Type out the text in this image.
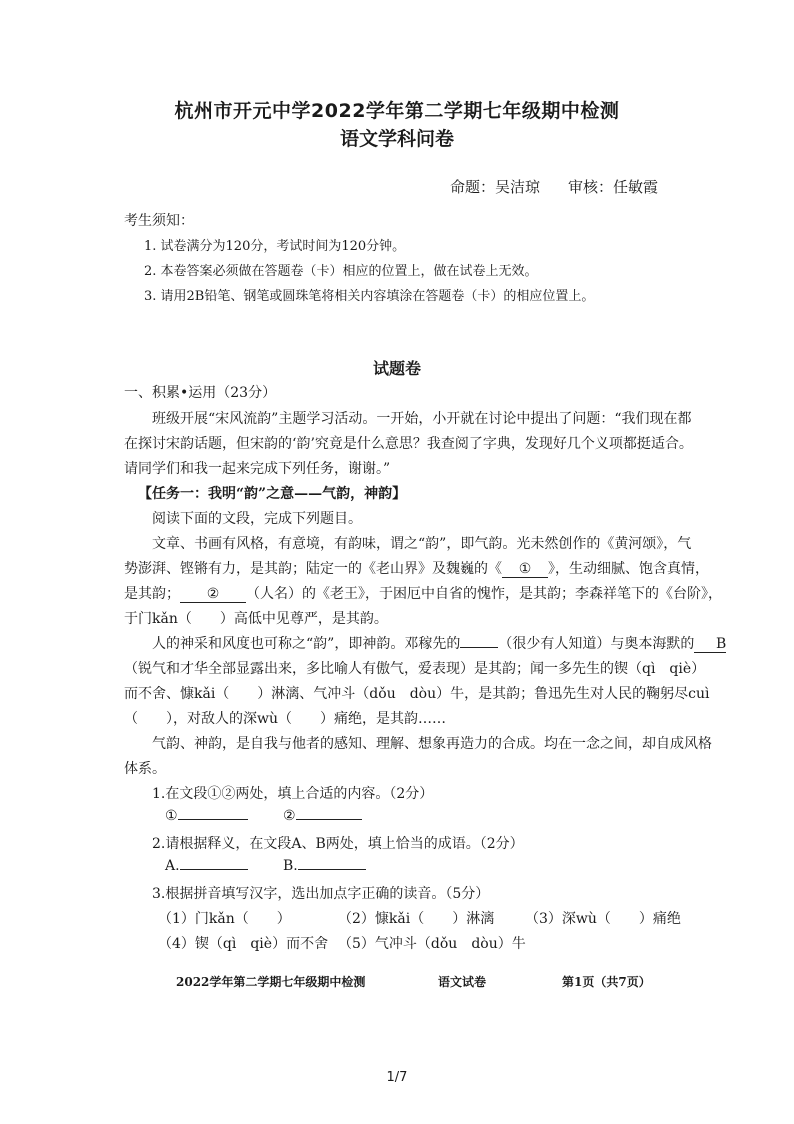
杭州市开元中学2022学年第二学期七年级期中检测
语文学科问卷
命题：吴洁琼 审核：任敏霞
考生须知：
1. 试卷满分为120分，考试时间为120分钟。
2. 本卷答案必须做在答题卷（卡）相应的位置上，做在试卷上无效。
3. 请用2B铅笔、钢笔或圆珠笔将相关内容填涂在答题卷（卡）的相应位置上。
试题卷
一、积累•运用（23分）
班级开展“宋风流韵”主题学习活动。一开始，小开就在讨论中提出了问题：“我们现在都
在探讨宋韵话题，但宋韵的‘韵’究竟是什么意思？我查阅了字典，发现好几个义项都挺适合。
请同学们和我一起来完成下列任务，谢谢。”
【任务一：我明“韵”之意——气韵，神韵】
阅读下面的文段，完成下列题目。
文章、书画有风格，有意境，有韵味，谓之“韵”，即气韵。光未然创作的《黄河颂》，气
势澎湃、铿锵有力，是其韵；陆定一的《老山界》及魏巍的《 ① 》，生动细腻、饱含真情，
是其韵； ② （人名）的《老王》，于困厄中自省的愧怍，是其韵；李森祥笔下的《台阶》，
于门kǎn（　　）高低中见尊严，是其韵。
人的神采和风度也可称之“韵”，即神韵。邓稼先的	（很少有人知道）与奥本海默的 B
（锐气和才华全部显露出来，多比喻人有傲气，爱表现）是其韵；闻一多先生的锲（qì　qiè）
而不舍、慷kǎi（　　）淋漓、气冲斗（dǒu　dòu）牛，是其韵；鲁迅先生对人民的鞠躬尽cuì
（　　），对敌人的深wù（　　）痛绝，是其韵……
气韵、神韵，是自我与他者的感知、理解、想象再造力的合成。均在一念之间，却自成风格
体系。
1.在文段①②两处，填上合适的内容。（2分）
①	②
2.请根据释义，在文段A、B两处，填上恰当的成语。（2分）
A.	B.
3.根据拼音填写汉字，选出加点字正确的读音。（5分）
（1）门kǎn（　　）	（2）慷kǎi（　　）淋漓 （3）深wù（　　）痛绝
（4）锲（qì　qiè）而不舍 （5）气冲斗（dǒu　dòu）牛
2022学年第二学期七年级期中检测	语文试卷	第1页（共7页）
1/7
